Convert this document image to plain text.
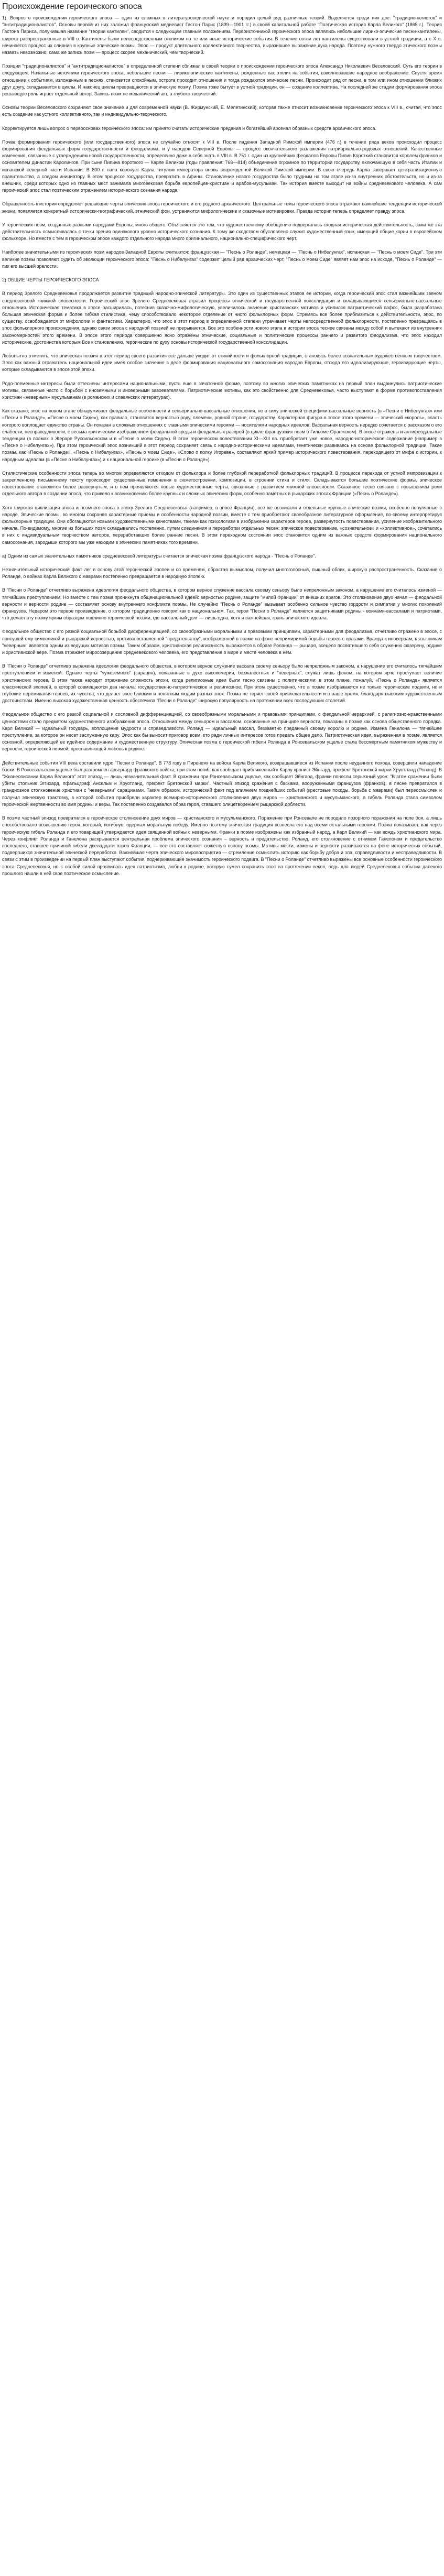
Происхождение героического эпоса

1). Вопрос о происхождении героического эпоса — один из сложных в литературоведческой науке и породил целый ряд различных теорий. Выделяется среди них две: "традиционалистов" и "антитрадиционалистов". Основы первой из них заложил французский медиевист Гастон Парис (1839—1901 гг.) в своей капитальной работе "Поэтическая история Карла Великого" (1865 г.). Теория Гастона Париса, получившая название "теории кантилен", сводится к следующим главным положениям. Первоисточникой героического эпоса являлись небольшие лирико-эпические песни-кантилены, широко распространенные в VIII в. Кантилены были непосредственным откликом на те или иные исторические события. В течение сотни лет кантилены существовали в устной традиции, а с X в. начинается процесс их слияния в крупные эпические поэмы. Эпос — продукт длительного коллективного творчества, выразившее выражение духа народа. Поэтому нужного твердо этического поэмы назвать невозможно, сама же запись поэм — процесс скорее механический, чем творческий.

Позиции "традиционалистов" и "антитрадиционалистов" в определенной степени сближал в своей теории о происхождении героического эпоса Александр Николаевич Веселовский. Суть его теории в следующем. Начальные источники героического эпоса, небольшие песни — лирико-эпические кантилены, рожденные как отклик на события, взволновавшие народное воображение. Спустя время отношение к событиям, изложенным в песнях, становится спокойным, острота проходит отношения и тогда рождаются эпические песни. Происходит ряд от песни, в том или ином отношении близких друг другу, складывается в циклы. И наконец циклы превращаются в эпическую поэму. Поэма тоже бытует в устной традиции, он — создание коллектива. На последней же стадии формирования эпоса решающую роль играет отдельный автор. Запись поэм не механический акт, а глубоко творческий.

Основы теории Веселовского сохраняют свое значение и для современной науки (В. Жирмунский, Е. Мелетинский), которая также относит возникновение героического эпоса к VIII в., считая, что эпос есть создание как устного коллективного, так и индивидуально-творческого.

Корректируется лишь вопрос о первоосновах героического эпоса: им принято считать исторические предания и богатейший арсенал образных средств архаического эпоса.

Почва формирования героического (или государственного) эпоса не случайно относят к VIII в. После падения Западной Римской империи (476 г.) в течение ряда веков происходил процесс формирования феодальных форм государственности и феодализма, и у народов Северной Европы — процесс окончательного разложения патриархально-родовых отношений. Качественные изменения, связанные с утверждением новой государственности, определенно даже в себя знать в VIII в. В 751 г. один из крупнейших феодалов Европы Пипин Короткий становится королем франков и основателем династии Каролингов. При сыне Пипина Короткого — Карле Великом (годы правления: 768—814) объединение огромное по территории государству, включающую в себя часть Италии и испанской северной части Испании. В 800 г. папа коронует Карла титулом императора вновь возрожденной Великой Римской империи. В свою очередь Карла завершает централизационную правительство, а следом инициатору. В этом процессе государства, превратить в Афины. Становление нового государства было трудным на том этапе из-за внутренних обстоятельств, но и из-за внешних, среди которых одно из главных мест занимала многовековая борьба европейцев-христиан и арабов-мусульман. Так история вместе выходит на войны средневекового человека. А сам героический эпос стал поэтическим отражением исторического сознания народа.

Обращенность к истории определяет решающие черты эпических эпоса героического и его родного архаического. Центральные темы героического эпоса отражают важнейшие тенденции исторической жизни, появляется конкретный исторически-географический, этнический фон, устраняются мифологические и сказочные мотивировки. Правда истории теперь определяет правду эпоса.

У героических поэм, созданных разными народами Европы, много общего. Объясняется это тем, что художественному обобщению подвергалась сходная историческая действительность, сама же эта действительность осмысливалась с точки зрения одинакового уровня исторического сознания. К тому же сходством обусловлено служит художественный язык, имеющий общие корни в европейском фольклоре. Но вместе с тем в героическом эпосе каждого отдельного народа много оригинального, национально-специфического черт.

Наиболее значительными из героических поэм народов Западной Европы считаются: французская — "Песнь о Роланде", немецкая — "Песнь о Нибелунгах", испанская — "Песнь о моем Сиде". Три эти великие поэмы позволяют судить об эволюции героического эпоса: "Песнь о Нибелунгах" содержит целый ряд архаических черт, "Песнь о моем Сиде" являет нам эпос на исходе, "Песнь о Роланде" — пик его высшей зрелости.

2) ОБЩИЕ ЧЕРТЫ ГЕРОИЧЕСКОГО ЭПОСА

В период Зрелого Средневековья продолжается развитие традиций народно-эпической литературы. Это один из существенных этапов ее истории, когда героический эпос стал важнейшим звеном средневековой книжной словесности. Героический эпос Зрелого Средневековья отразил процессы этнической и государственной консолидации и складывающиеся сеньориально-вассальные отношения. Историческая тематика в эпосе расширилась, потеснив сказочно-мифологическую, увеличилось значение христианских мотивов и усилился патриотический пафос, была разработана большая эпическая форма и более гибкая стилистика, чему способствовало некоторое отделение от чисто фольклорных форм. Стремясь все более приблизиться к действительности, эпос, по существу, освобождается от мифологии и фантастики. Характерно, что эпос в этот период в определенной степени утрачивает черты непосредственной фольклорности, постепенно превращаясь в эпос фольклорного происхождения, однако связи эпоса с народной поэзией не прерываются. Все это особенности нового этапа в истории эпоса теснее связаны между собой и вытекают из внутренних закономерностей этого времени. В эпосе этого периода совершенно ясно отражены этнические, социальные и политические процессы раннего и развитого феодализма, что эпос находил исторические, достоинства которым Все к становлению, героические по духу основы исторической государственной консолидации.

Любопытно отметить, что эпическая поэзия в этот период своего развития все дальше уходит от стихийности и фольклорной традиции, становясь более сознательным художественным творчеством. Эпос как важный отражатель национальной идеи имел особое значение в деле формирования национального самосознания народов Европы, отсюда его идеализирующие, героизирующие черты, которые складываются в эпосе этой эпохи.

Родо-племенные интересы были оттеснены интересами национальными, пусть еще в зачаточной форме, поэтому во многих эпических памятниках на первый план выдвинулись патриотические мотивы, связанные часто с борьбой с иноземными и иноверными завоевателями. Патриотические мотивы, как это свойственно для Средневековья, часто выступают в форме противопоставления христиан «неверным» мусульманам (в романских и славянских литературах).

Как сказано, эпос на новом этапе обнаруживает феодальные особенности и сеньориально-вассальные отношения, но в силу эпической специфики вассальные верность (в «Песни о Нибелунгах» или «Песни о Роланде», «Песне о моем Сиде»), как правило, становится верностью роду, племени, родной стране, государству. Характерная фигура в эпосе этого времени — эпический «король», власть которого воплощает единство страны. Он показан в сложных отношениях с главными эпическими героями — носителями народных идеалов. Вассальная верность нередко сочетается с рассказом о его слабости, несправедливости, с весьма критическим изображением феодальной среды и феодальных распрей (в цикле французских поэм о Гильоме Оранжском). В эпосе отражены и антифеодальные тенденции (в поэмах о Жераре Руссильонском и в «Песне о моем Сиде»). В этом героическом повествовании XI—XIII вв. приобретает уже новое, народно-историческое содержание (например в «Песне о Нибелунгах»). При этом героический эпос возникший в этот период сохраняет связь с народно-историческими идеалами, генетически развиваясь на основе фольклорной традиции. Такие поэмы, как «Песнь о Роланде», «Песнь о Нибелунгах», «Песнь о моем Сиде», «Слово о полку Игореве», составляют яркий пример исторического повествования, переходящего от мифа к истории, к народным идеалам (в «Песне о Нибелунгах») и к национальной героике (в «Песни о Роланде»).

Стилистические особенности эпоса теперь во многом определяются отходом от фольклора и более глубокой переработкой фольклорных традиций. В процессе перехода от устной импровизации к закрепленному письменному тексту происходят существенные изменения в сюжетостроении, композиции, в строении стиха и стиля. Складываются большие поэтические формы, эпическое повествование становится более развернутым, и в нем проявляются новые художественные черты, связанные с развитием книжной словесности. Сказанное тесно связано с повышением роли отдельного автора в создании эпоса, что привело к возникновению более крупных и сложных эпических форм, особенно заметных в рыцарских эпосах Франции («Песнь о Роланде»).

Хотя широкая циклизация эпоса и поэмного эпоса в эпоху Зрелого Средневековья (например, в эпосе Франции), все же возникали и отдельные крупные эпические поэмы, особенно популярные в народе. Эпические поэмы, во многом сохраняя характерные приемы и особенности народной поэзии, вместе с тем приобретают своеобразное литературное оформление, по-своему интерпретируя фольклорные традиции. Они обогащаются новыми художественными качествами, такими как психологизм в изображении характеров героев, развернутость повествования, усиление изобразительного начала. По-видимому, многие из больших поэм складывались постепенно, путем соединения и переработки отдельных песен; эпическое повествование, «сознательное» и «коллективное», сочетались в них с индивидуальным творчеством авторов, переработавших более ранние песни. В этом переходном состоянии эпос становится одним из важных средств формирования национального самосознания, зародыши которого мы уже находим в эпических памятниках того времени.

а) Одним из самых значительных памятников средневековой литературы считается эпическая поэма французского народа - "Песнь о Роланде".

Незначительный исторический факт лег в основу этой героической эпопеи и со временем, обрастая вымыслом, получил многоголосный, пышный облик, широкую распространенность. Сказание о Роланде, о войнах Карла Великого с маврами постепенно превращается в народную эпопею.

В "Песни о Роланде" отчетливо выражена идеология феодального общества, в котором верное служение вассала своему сеньору было непреложным законом, а нарушение его считалось изменой — тягчайшим преступлением. Но вместе с тем поэма проникнута общенациональной идеей: верностью родине, защите "милой Франции" от внешних врагов. Это столкновение двух начал — феодальной верности и верности родине — составляет основу внутреннего конфликта поэмы. Не случайно "Песнь о Роланде" вызывает особенно сильное чувство гордости и симпатии у многих поколений французов. Недаром это первое произведение, о котором традиционно говорят как о национальном. Так, герои "Песни о Роланде" являются защитниками родины - воинами-вассалами и патриотами, что делает эту поэму ярким образцом подлинно героической поэзии, где вассальный долг — лишь одна, хотя и важнейшая, грань эпического идеала.

Феодальное общество с его резкой социальной борьбой дифференциацией, со своеобразными моральными и правовыми принципами, характерными для феодализма, отчетливо отражено в эпосе, с присущей ему символикой и рыцарской верностью, противопоставленной "предательству", изображенной в поэме на фоне непримиримой борьбы героев с врагами. Вражда к иноверцам, к язычникам "неверным" является одним из ведущих мотивов поэмы. Таким образом, христианская религиозность выражается в образе Роланда — рыцаря, всецело посвятившего себя служению сюзерену, родине и христианской вере. Поэма отражает миросозерцание средневекового человека, его представление о мире и месте человека в нем.

В "Песни о Роланде" отчетливо выражена идеология феодального общества, в котором верное служение вассала своему сеньору было непреложным законом, а нарушение его считалось тягчайшим преступлением и изменой. Однако черты "чужеземного" (сарацин), показанные в духе высокомерия, безжалостных и "неверных", служат лишь фоном, на котором ярче проступает величие христианских героев. В этом также находит отражение сложность эпохи, когда религиозные идеи были тесно связаны с политическими: в этом плане, пожалуй, «Песнь о Роланде» является классической эпопеей, в которой совмещаются два начала: государственно-патриотическое и религиозное. При этом существенно, что в поэме изображаются не только героические подвиги, но и глубокие переживания героев, их чувства, что делает эпос близким и понятным людям разных эпох. Поэма не теряет своей привлекательности и в наше время, благодаря высоким художественным достоинствам. Именно высокая художественная ценность обеспечила "Песни о Роланде" широкую популярность на протяжении всех последующих столетий.

Феодальное общество с его резкой социальной и сословной дифференциацией, со своеобразными моральными и правовыми принципами, с феодальной иерархией, с религиозно-нравственными ценностями стало предметом художественного изображения эпоса. Отношения между сеньором и вассалом, основанные на принципе верности, показаны в поэме как основа общественного порядка. Карл Великий — идеальный государь, воплощение мудрости и справедливости. Роланд — идеальный вассал, беззаветно преданный своему королю и родине. Измена Ганелона — тягчайшее преступление, за которое он несет заслуженную кару. Эпос как бы выносит приговор всем, кто ради личных интересов готов предать общее дело. Патриотическая идея, выраженная в поэме, является основной, определяющей ее идейное содержание и художественную структуру. Эпическая поэма о героической гибели Роланда в Ронсевальском ущелье стала бессмертным памятником мужеству и верности, героической поэмой, прославляющей любовь к родине.

Действительные события VIII века составили ядро "Песни о Роланде". В 778 году в Пиренеях на войска Карла Великого, возвращавшиеся из Испании после неудачного похода, совершили нападение баски. В Ронсевальском ущелье был разгромлен арьергард франкского войска, при этом погиб, как сообщает приближенный к Карлу хронист Эйнгард, префект Бретонской марки Хруотланд (Роланд). В "Жизнеописании Карла Великого" этот эпизод — лишь незначительный факт. В сражении при Ронсевальском ущелье, как сообщает Эйнгард, франки понесли серьезный урон: "В этом сражении были убиты стольник Эггихард, пфальцграф Ансельм и Хруотланд, префект Бретонской марки". Частный эпизод сражения с басками, вооруженными французов (франков), в песне превратился в грандиозное столкновение христиан с "неверными" сарацинами. Таким образом, исторический факт под влиянием позднейших событий (крестовые походы, борьба с маврами) был переосмыслен и получил эпическую трактовку, в которой события приобрели характер всемирно-исторического столкновения двух миров — христианского и мусульманского, а гибель Роланда стала символом героической жертвенности во имя родины и веры. Так постепенно создавался образ героя, ставшего олицетворением рыцарской доблести.

В поэме частный эпизод превратился в героическое столкновение двух миров — христианского и мусульманского. Поражение при Ронсевале не породило позорного поражения на поле боя, а лишь способствовало возвышению героя, который, погибнув, одержал моральную победу. Именно поэтому эпическая традиция вознесла его над всеми остальными героями. Поэма показывает, как через героическую гибель Роланда и его товарищей утверждается идея священной войны с неверными. Франки в поэме изображены как избранный народ, а Карл Великий — как вождь христианского мира. Через конфликт Роланда и Ганелона раскрывается центральная проблема эпического сознания – верность и предательство. Роланд, его столкновение с отчимом Ганелоном и предательство последнего, ставшее причиной гибели двенадцати пэров Франции, — все это составляет сюжетную основу поэмы. Мотивы мести, измены и верности развиваются на фоне исторических событий, подвергшихся значительной эпической переработке. Важнейшая черта эпического мировосприятия — стремление осмыслить историю как борьбу добра и зла, справедливости и несправедливости. В связи с этим в произведении на первый план выступают события, подчеркивающие значимость героического подвига. В "Песни о Роланде" отчетливо выражены все основные особенности героического эпоса Средневековья, но с особой силой проявилась идея патриотизма, любви к родине, которую сумел сохранить эпос на протяжении веков, ведь для людей Средневековья события далекого прошлого нашли в ней свое поэтическое осмысление.
